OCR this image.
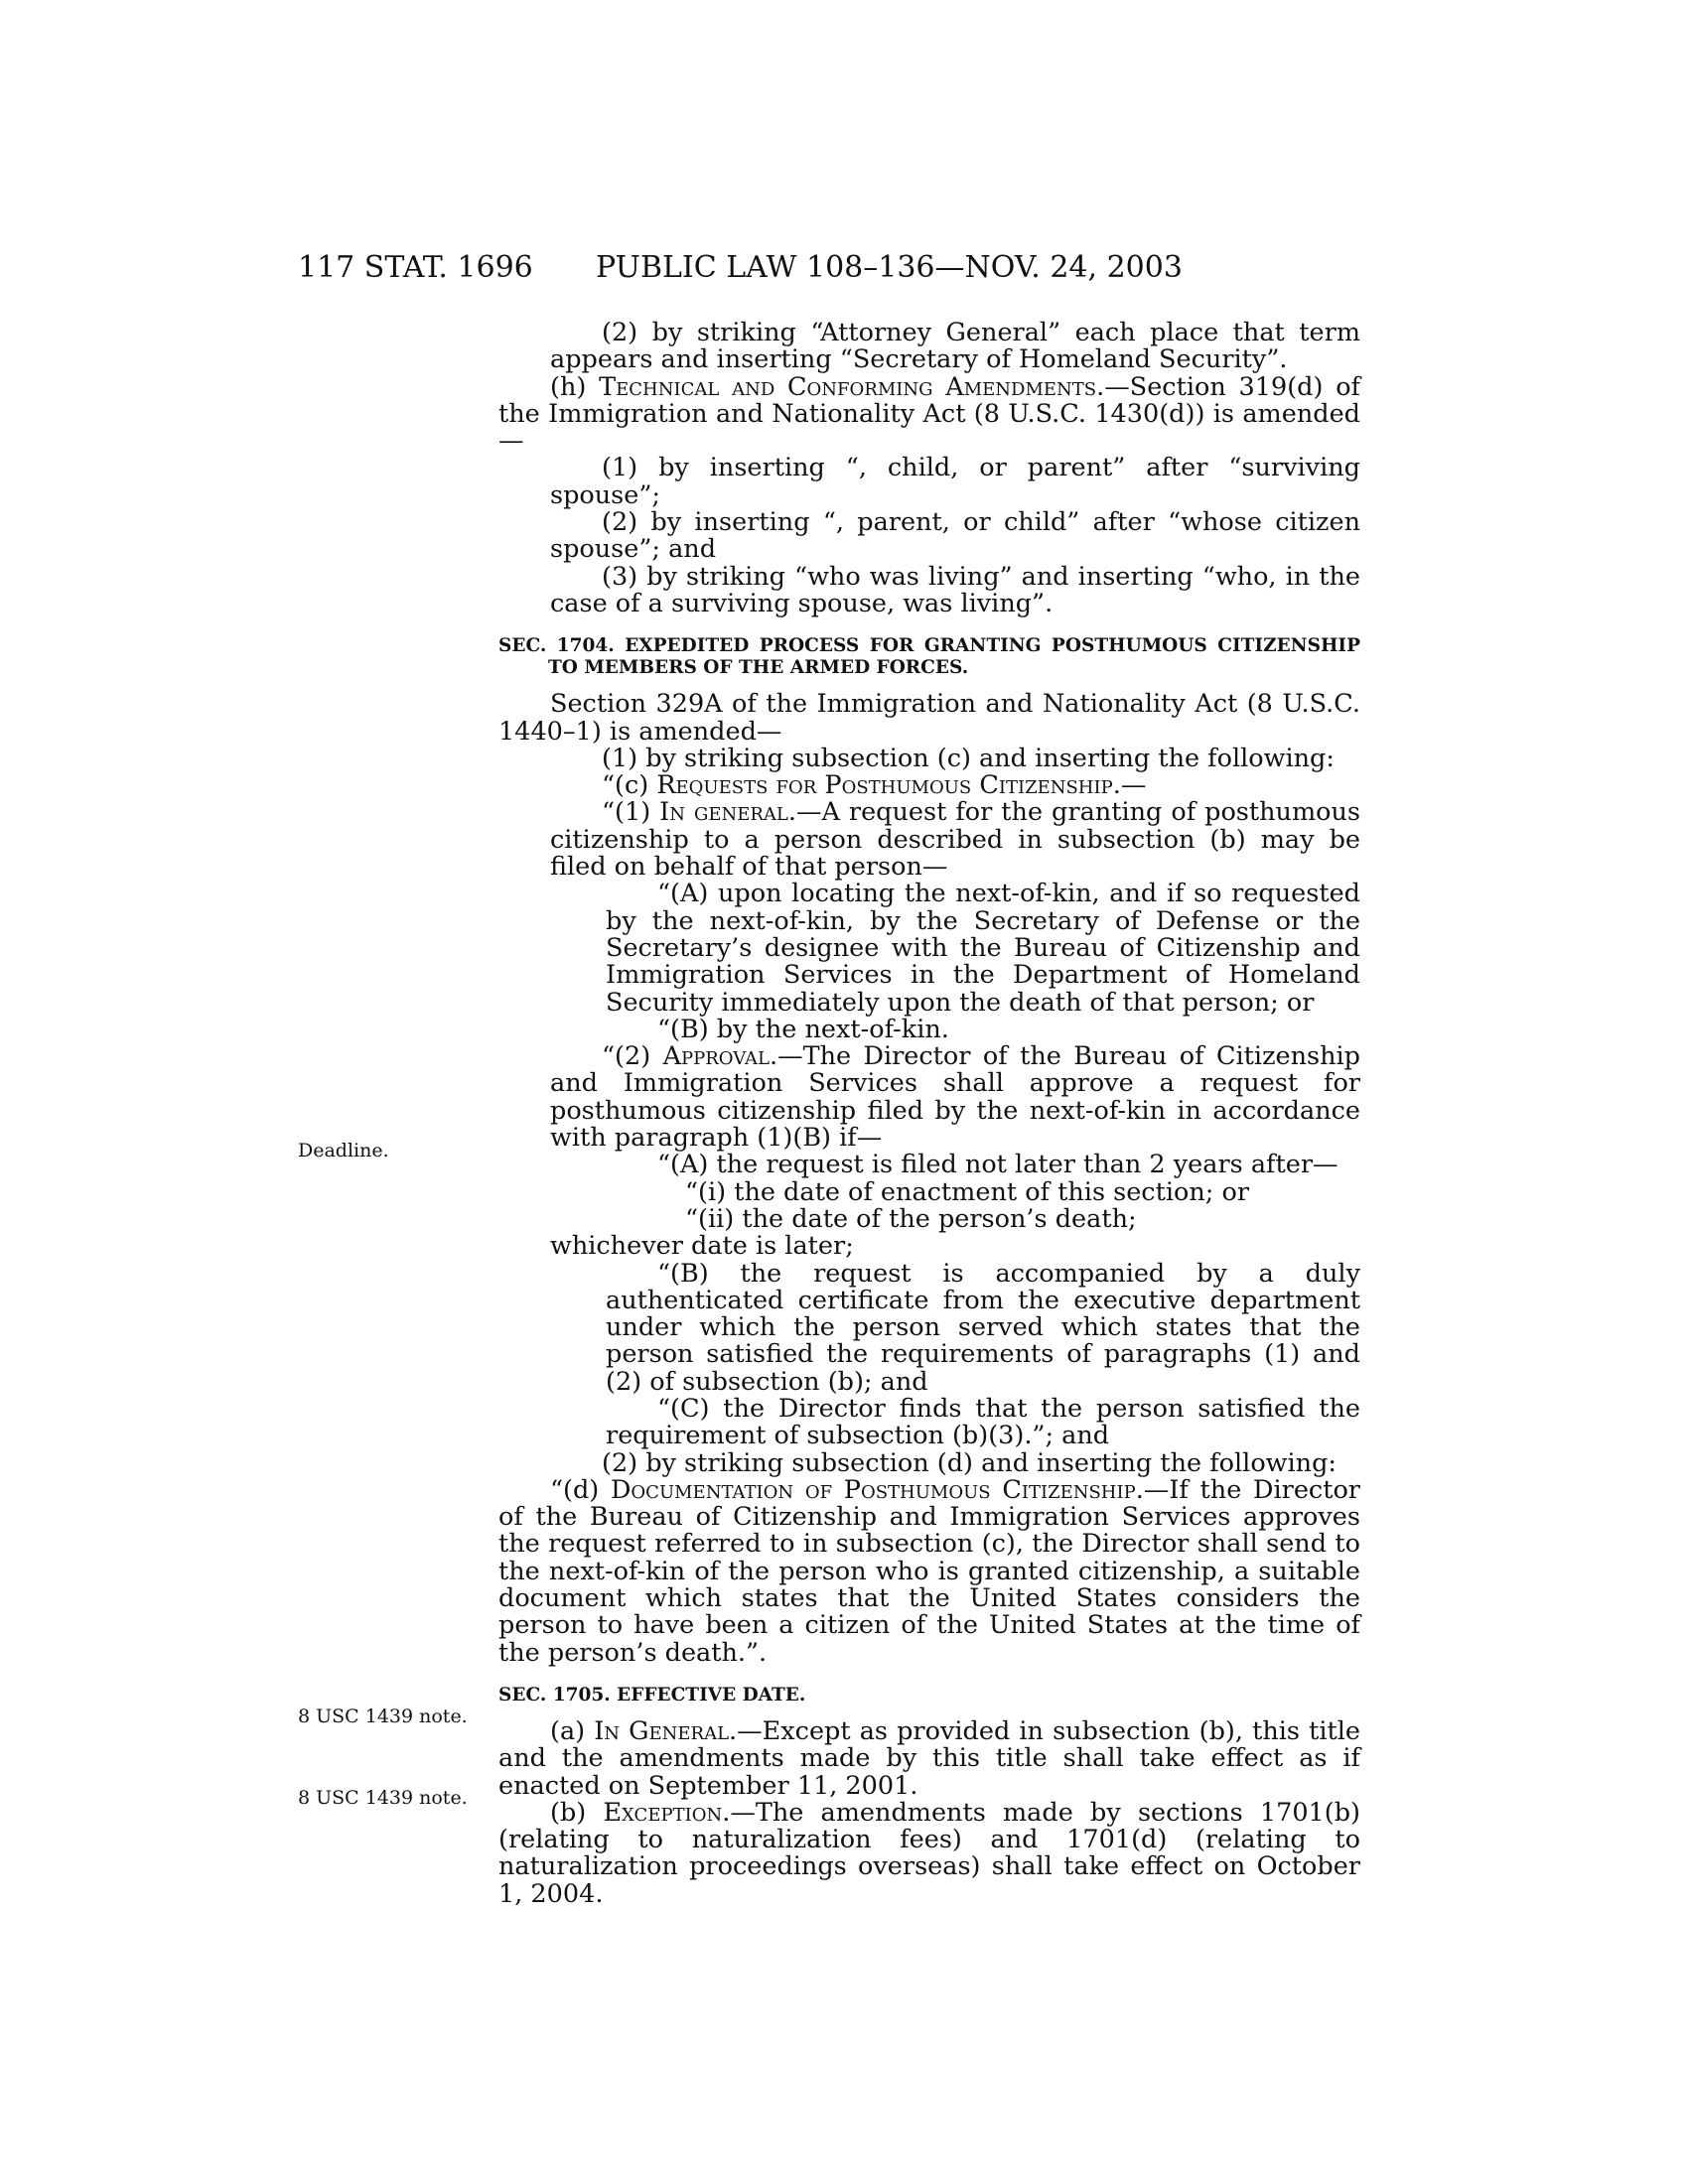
117 STAT. 1696 PUBLIC LAW 108–136—NOV. 24, 2003
Deadline.
8 USC 1439 note.
8 USC 1439 note.

(2) by striking “Attorney General” each place that term appears and inserting “Secretary of Homeland Security”.

(h) Technical and Conforming Amendments.—Section 319(d) of the Immigration and Nationality Act (8 U.S.C. 1430(d)) is amended—

(1) by inserting “, child, or parent” after “surviving spouse”;

(2) by inserting “, parent, or child” after “whose citizen spouse”; and

(3) by striking “who was living” and inserting “who, in the case of a surviving spouse, was living”.

SEC. 1704. EXPEDITED PROCESS FOR GRANTING POSTHUMOUS CITIZENSHIP TO MEMBERS OF THE ARMED FORCES.

Section 329A of the Immigration and Nationality Act (8 U.S.C. 1440–1) is amended—

(1) by striking subsection (c) and inserting the following:

“(c) Requests for Posthumous Citizenship.—

“(1) In general.—A request for the granting of posthumous citizenship to a person described in subsection (b) may be filed on behalf of that person—

“(A) upon locating the next-of-kin, and if so requested by the next-of-kin, by the Secretary of Defense or the Secretary’s designee with the Bureau of Citizenship and Immigration Services in the Department of Homeland Security immediately upon the death of that person; or

“(B) by the next-of-kin.

“(2) Approval.—The Director of the Bureau of Citizenship and Immigration Services shall approve a request for posthumous citizenship filed by the next-of-kin in accordance with paragraph (1)(B) if—

“(A) the request is filed not later than 2 years after—

“(i) the date of enactment of this section; or

“(ii) the date of the person’s death;

whichever date is later;

“(B) the request is accompanied by a duly authenticated certificate from the executive department under which the person served which states that the person satisfied the requirements of paragraphs (1) and (2) of subsection (b); and

“(C) the Director finds that the person satisfied the requirement of subsection (b)(3).”; and

(2) by striking subsection (d) and inserting the following:

“(d) Documentation of Posthumous Citizenship.—If the Director of the Bureau of Citizenship and Immigration Services approves the request referred to in subsection (c), the Director shall send to the next-of-kin of the person who is granted citizenship, a suitable document which states that the United States considers the person to have been a citizen of the United States at the time of the person’s death.”.

SEC. 1705. EFFECTIVE DATE.

(a) In General.—Except as provided in subsection (b), this title and the amendments made by this title shall take effect as if enacted on September 11, 2001.

(b) Exception.—The amendments made by sections 1701(b) (relating to naturalization fees) and 1701(d) (relating to naturalization proceedings overseas) shall take effect on October 1, 2004.
